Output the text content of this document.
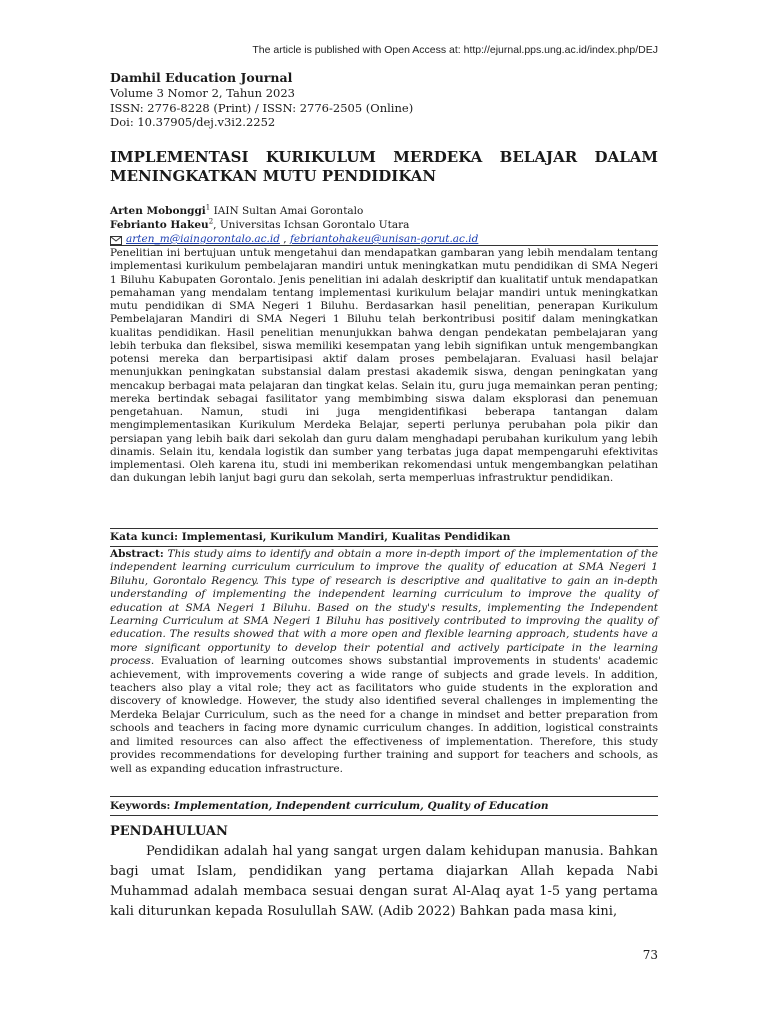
The article is published with Open Access at: http://ejurnal.pps.ung.ac.id/index.php/DEJ
Damhil Education Journal
Volume 3 Nomor 2, Tahun 2023
ISSN: 2776-8228 (Print) / ISSN: 2776-2505 (Online)
Doi: 10.37905/dej.v3i2.2252
IMPLEMENTASI KURIKULUM MERDEKA BELAJAR DALAM MENINGKATKAN MUTU PENDIDIKAN
Arten Mobonggi$^1$ IAIN Sultan Amai Gorontalo
Febrianto Hakeu$^2$, Universitas Ichsan Gorontalo Utara
arten_m@iaingorontalo.ac.id , febriantohakeu@unisan-gorut.ac.id
Penelitian ini bertujuan untuk mengetahui dan mendapatkan gambaran yang lebih mendalam tentang implementasi kurikulum pembelajaran mandiri untuk meningkatkan mutu pendidikan di SMA Negeri 1 Biluhu Kabupaten Gorontalo. Jenis penelitian ini adalah deskriptif dan kualitatif untuk mendapatkan pemahaman yang mendalam tentang implementasi kurikulum belajar mandiri untuk meningkatkan mutu pendidikan di SMA Negeri 1 Biluhu. Berdasarkan hasil penelitian, penerapan Kurikulum Pembelajaran Mandiri di SMA Negeri 1 Biluhu telah berkontribusi positif dalam meningkatkan kualitas pendidikan. Hasil penelitian menunjukkan bahwa dengan pendekatan pembelajaran yang lebih terbuka dan fleksibel, siswa memiliki kesempatan yang lebih signifikan untuk mengembangkan potensi mereka dan berpartisipasi aktif dalam proses pembelajaran. Evaluasi hasil belajar menunjukkan peningkatan substansial dalam prestasi akademik siswa, dengan peningkatan yang mencakup berbagai mata pelajaran dan tingkat kelas. Selain itu, guru juga memainkan peran penting; mereka bertindak sebagai fasilitator yang membimbing siswa dalam eksplorasi dan penemuan pengetahuan. Namun, studi ini juga mengidentifikasi beberapa tantangan dalam mengimplementasikan Kurikulum Merdeka Belajar, seperti perlunya perubahan pola pikir dan persiapan yang lebih baik dari sekolah dan guru dalam menghadapi perubahan kurikulum yang lebih dinamis. Selain itu, kendala logistik dan sumber yang terbatas juga dapat mempengaruhi efektivitas implementasi. Oleh karena itu, studi ini memberikan rekomendasi untuk mengembangkan pelatihan dan dukungan lebih lanjut bagi guru dan sekolah, serta memperluas infrastruktur pendidikan.
Kata kunci: Implementasi, Kurikulum Mandiri, Kualitas Pendidikan
Abstract: This study aims to identify and obtain a more in-depth import of the implementation of the independent learning curriculum curriculum to improve the quality of education at SMA Negeri 1 Biluhu, Gorontalo Regency. This type of research is descriptive and qualitative to gain an in-depth understanding of implementing the independent learning curriculum to improve the quality of education at SMA Negeri 1 Biluhu. Based on the study's results, implementing the Independent Learning Curriculum at SMA Negeri 1 Biluhu has positively contributed to improving the quality of education. The results showed that with a more open and flexible learning approach, students have a more significant opportunity to develop their potential and actively participate in the learning process. Evaluation of learning outcomes shows substantial improvements in students' academic achievement, with improvements covering a wide range of subjects and grade levels. In addition, teachers also play a vital role; they act as facilitators who guide students in the exploration and discovery of knowledge. However, the study also identified several challenges in implementing the Merdeka Belajar Curriculum, such as the need for a change in mindset and better preparation from schools and teachers in facing more dynamic curriculum changes. In addition, logistical constraints and limited resources can also affect the effectiveness of implementation. Therefore, this study provides recommendations for developing further training and support for teachers and schools, as well as expanding education infrastructure.
Keywords: Implementation, Independent curriculum, Quality of Education
PENDAHULUAN
Pendidikan adalah hal yang sangat urgen dalam kehidupan manusia. Bahkan bagi umat Islam, pendidikan yang pertama diajarkan Allah kepada Nabi Muhammad adalah membaca sesuai dengan surat Al-Alaq ayat 1-5 yang pertama kali diturunkan kepada Rosulullah SAW. (Adib 2022) Bahkan pada masa kini,
73
